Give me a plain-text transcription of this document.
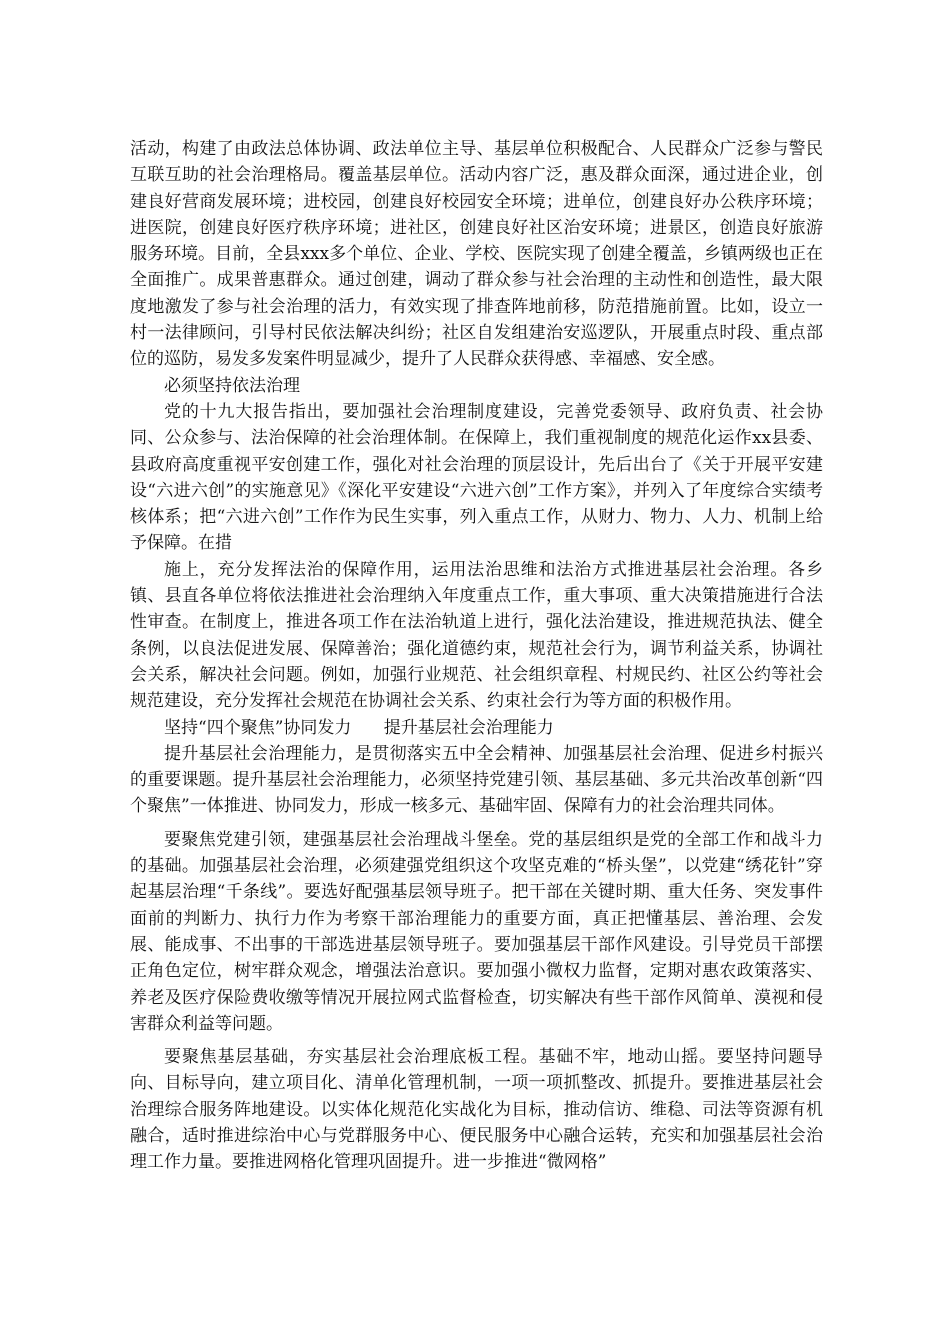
活动，构建了由政法总体协调、政法单位主导、基层单位积极配合、人民群众广泛参与警民互联互助的社会治理格局。覆盖基层单位。活动内容广泛，惠及群众面深，通过进企业，创建良好营商发展环境；进校园，创建良好校园安全环境；进单位，创建良好办公秩序环境；进医院，创建良好医疗秩序环境；进社区，创建良好社区治安环境；进景区，创造良好旅游服务环境。目前，全县xxx多个单位、企业、学校、医院实现了创建全覆盖，乡镇两级也正在全面推广。成果普惠群众。通过创建，调动了群众参与社会治理的主动性和创造性，最大限度地激发了参与社会治理的活力，有效实现了排查阵地前移，防范措施前置。比如，设立一村一法律顾问，引导村民依法解决纠纷；社区自发组建治安巡逻队，开展重点时段、重点部位的巡防，易发多发案件明显减少，提升了人民群众获得感、幸福感、安全感。

必须坚持依法治理

党的十九大报告指出，要加强社会治理制度建设，完善党委领导、政府负责、社会协同、公众参与、法治保障的社会治理体制。在保障上，我们重视制度的规范化运作xx县委、县政府高度重视平安创建工作，强化对社会治理的顶层设计，先后出台了《关于开展平安建设“六进六创”的实施意见》《深化平安建设“六进六创”工作方案》，并列入了年度综合实绩考核体系；把“六进六创”工作作为民生实事，列入重点工作，从财力、物力、人力、机制上给予保障。在措

施上，充分发挥法治的保障作用，运用法治思维和法治方式推进基层社会治理。各乡镇、县直各单位将依法推进社会治理纳入年度重点工作，重大事项、重大决策措施进行合法性审查。在制度上，推进各项工作在法治轨道上进行，强化法治建设，推进规范执法、健全条例，以良法促进发展、保障善治；强化道德约束，规范社会行为，调节利益关系，协调社会关系，解决社会问题。例如，加强行业规范、社会组织章程、村规民约、社区公约等社会规范建设，充分发挥社会规范在协调社会关系、约束社会行为等方面的积极作用。

坚持“四个聚焦”协同发力      提升基层社会治理能力

提升基层社会治理能力，是贯彻落实五中全会精神、加强基层社会治理、促进乡村振兴的重要课题。提升基层社会治理能力，必须坚持党建引领、基层基础、多元共治改革创新“四个聚焦”一体推进、协同发力，形成一核多元、基础牢固、保障有力的社会治理共同体。

要聚焦党建引领，建强基层社会治理战斗堡垒。党的基层组织是党的全部工作和战斗力的基础。加强基层社会治理，必须建强党组织这个攻坚克难的“桥头堡”，以党建“绣花针”穿起基层治理“千条线”。要选好配强基层领导班子。把干部在关键时期、重大任务、突发事件面前的判断力、执行力作为考察干部治理能力的重要方面，真正把懂基层、善治理、会发展、能成事、不出事的干部选进基层领导班子。要加强基层干部作风建设。引导党员干部摆正角色定位，树牢群众观念，增强法治意识。要加强小微权力监督，定期对惠农政策落实、养老及医疗保险费收缴等情况开展拉网式监督检查，切实解决有些干部作风简单、漠视和侵害群众利益等问题。

要聚焦基层基础，夯实基层社会治理底板工程。基础不牢，地动山摇。要坚持问题导向、目标导向，建立项目化、清单化管理机制，一项一项抓整改、抓提升。要推进基层社会治理综合服务阵地建设。以实体化规范化实战化为目标，推动信访、维稳、司法等资源有机融合，适时推进综治中心与党群服务中心、便民服务中心融合运转，充实和加强基层社会治理工作力量。要推进网格化管理巩固提升。进一步推进“微网格”
